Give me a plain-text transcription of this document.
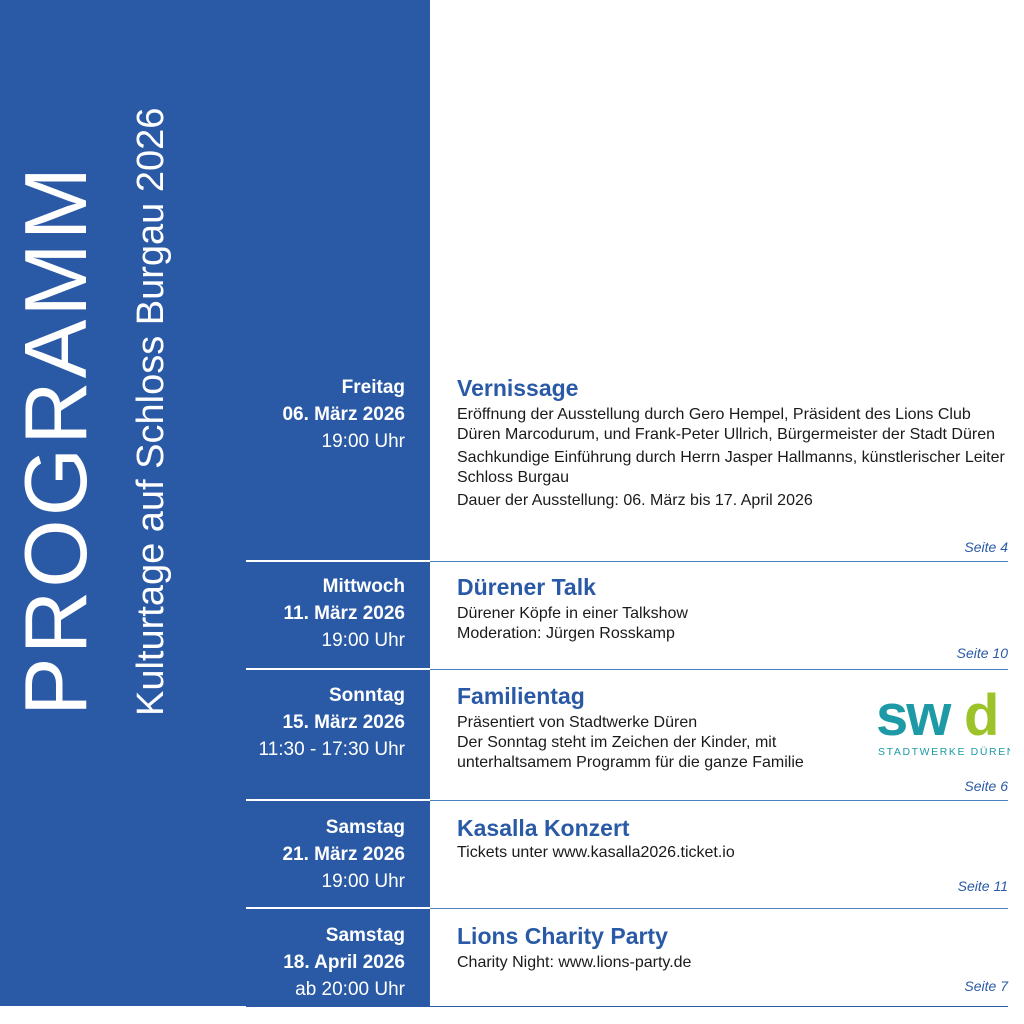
PROGRAMM Kulturtage auf Schloss Burgau 2026	Freitag
06. März 2026
19:00 Uhr
Vernissage
Eröffnung der Ausstellung durch Gero Hempel, Präsident des Lions Club Düren Marcodurum, und Frank-Peter Ullrich, Bürgermeister der Stadt Düren
Sachkundige Einführung durch Herrn Jasper Hallmanns, künstlerischer Leiter Schloss Burgau
Dauer der Ausstellung: 06. März bis 17. April 2026
Seite 4
Mittwoch
11. März 2026
19:00 Uhr
Dürener Talk
Dürener Köpfe in einer Talkshow
Moderation: Jürgen Rosskamp
Seite 10
Sonntag
15. März 2026
11:30 - 17:30 Uhr
Familientag
Präsentiert von Stadtwerke Düren
Der Sonntag steht im Zeichen der Kinder, mit unterhaltsamem Programm für die ganze Familie
sw d
STADTWERKE DÜREN
Seite 6
Samstag
21. März 2026
19:00 Uhr
Kasalla Konzert
Tickets unter www.kasalla2026.ticket.io
Seite 11
Samstag
18. April 2026
ab 20:00 Uhr
Lions Charity Party
Charity Night: www.lions-party.de
Seite 7
